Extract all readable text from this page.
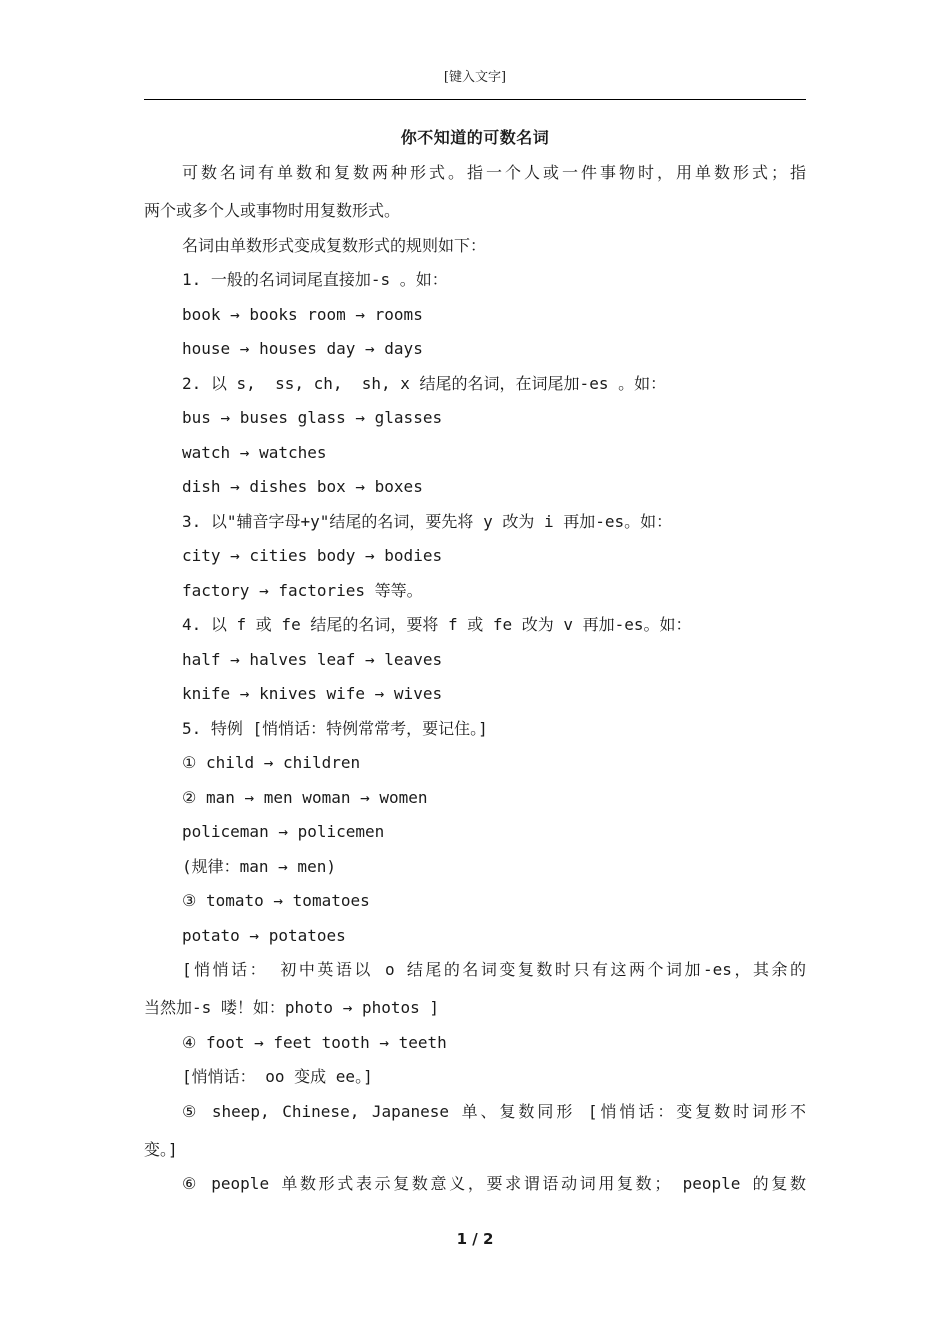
[键入文字]
你不知道的可数名词
可数名词有单数和复数两种形式。指一个人或一件事物时，用单数形式；指
两个或多个人或事物时用复数形式。
名词由单数形式变成复数形式的规则如下：
1. 一般的名词词尾直接加-s 。如：
book → books room → rooms
house → houses day → days
2. 以 s,  ss, ch,  sh, x 结尾的名词，在词尾加-es 。如：
bus → buses glass → glasses
watch → watches
dish → dishes box → boxes
3. 以"辅音字母+y"结尾的名词，要先将 y 改为 i 再加-es。如：
city → cities body → bodies
factory → factories 等等。
4. 以 f 或 fe 结尾的名词，要将 f 或 fe 改为 v 再加-es。如：
half → halves leaf → leaves
knife → knives wife → wives
5. 特例 [悄悄话：特例常常考，要记住。]
① child → children
② man → men woman → women
policeman → policemen
(规律：man → men)
③ tomato → tomatoes
potato → potatoes
[悄悄话： 初中英语以 o 结尾的名词变复数时只有这两个词加-es，其余的
当然加-s 喽！如：photo → photos ]
④ foot → feet tooth → teeth
[悄悄话： oo 变成 ee。]
⑤ sheep, Chinese, Japanese 单、复数同形 [悄悄话：变复数时词形不
变。]
⑥ people 单数形式表示复数意义，要求谓语动词用复数； people 的复数
1 / 2
